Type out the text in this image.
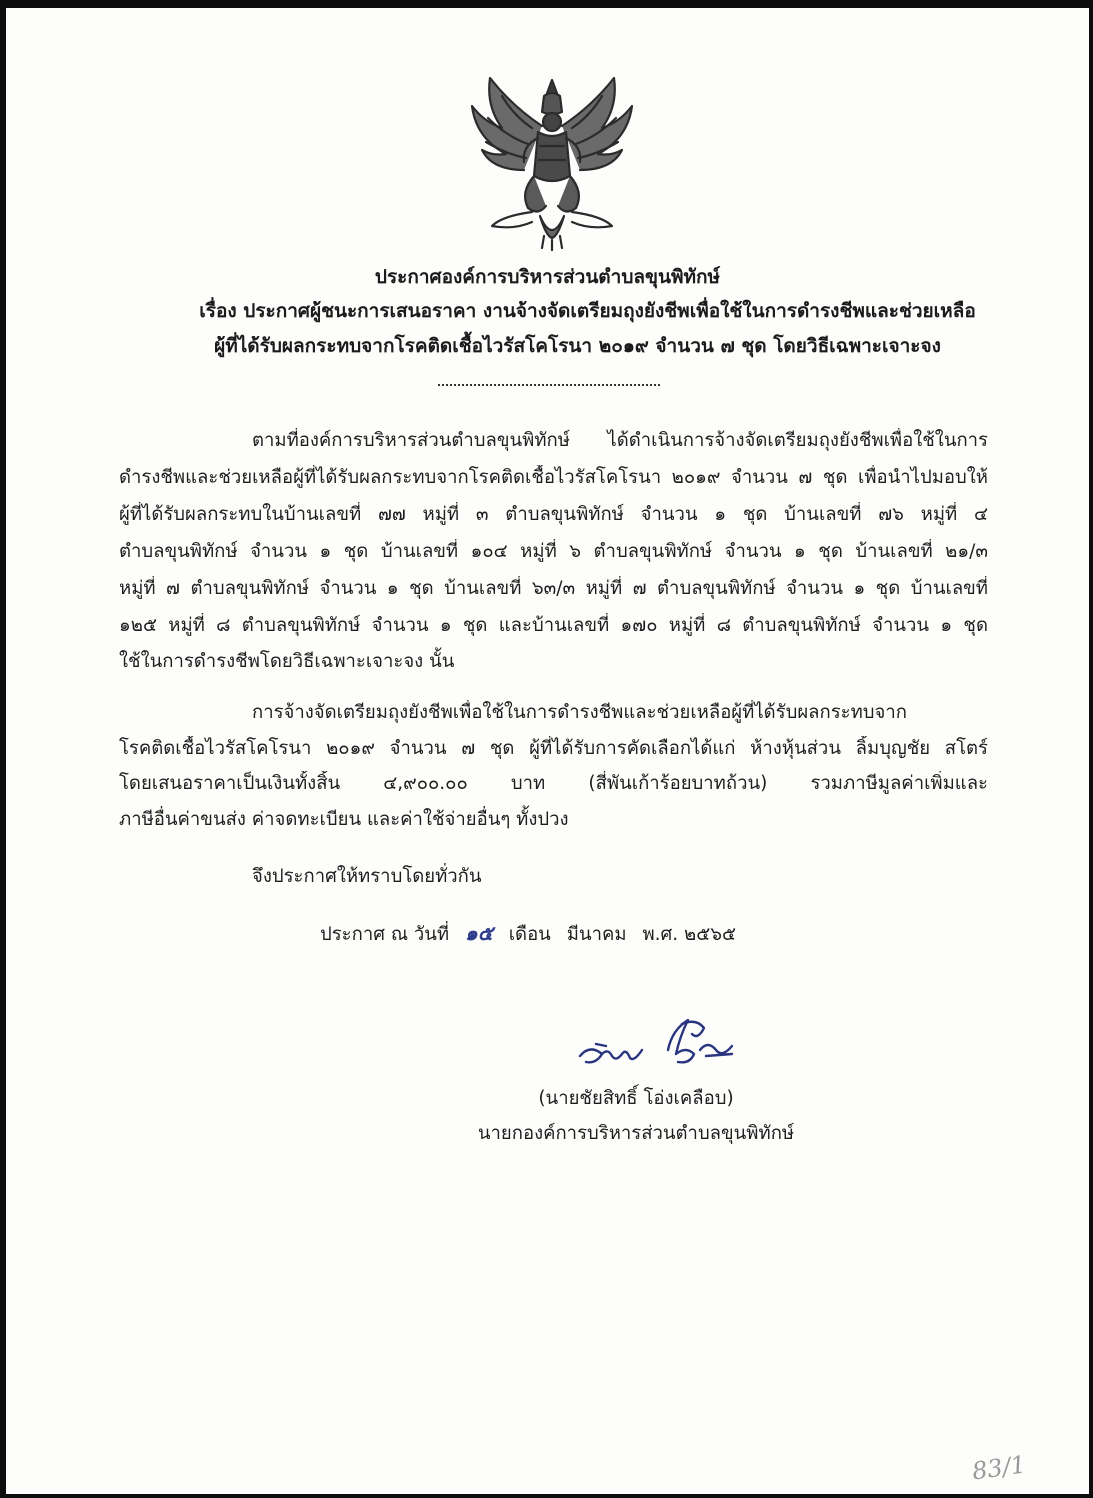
ประกาศองค์การบริหารส่วนตำบลขุนพิทักษ์
เรื่อง ประกาศผู้ชนะการเสนอราคา งานจ้างจัดเตรียมถุงยังชีพเพื่อใช้ในการดำรงชีพและช่วยเหลือ
ผู้ที่ได้รับผลกระทบจากโรคติดเชื้อไวรัสโคโรนา ๒๐๑๙ จำนวน ๗ ชุด โดยวิธีเฉพาะเจาะจง
ตามที่องค์การบริหารส่วนตำบลขุนพิทักษ์ ได้ดำเนินการจ้างจัดเตรียมถุงยังชีพเพื่อใช้ในการ
ดำรงชีพและช่วยเหลือผู้ที่ได้รับผลกระทบจากโรคติดเชื้อไวรัสโคโรนา ๒๐๑๙ จำนวน ๗ ชุด เพื่อนำไปมอบให้
ผู้ที่ได้รับผลกระทบในบ้านเลขที่ ๗๗ หมู่ที่ ๓ ตำบลขุนพิทักษ์ จำนวน ๑ ชุด บ้านเลขที่ ๗๖ หมู่ที่ ๔
ตำบลขุนพิทักษ์ จำนวน ๑ ชุด บ้านเลขที่ ๑๐๔ หมู่ที่ ๖ ตำบลขุนพิทักษ์ จำนวน ๑ ชุด บ้านเลขที่ ๒๑/๓
หมู่ที่ ๗ ตำบลขุนพิทักษ์ จำนวน ๑ ชุด บ้านเลขที่ ๖๓/๓ หมู่ที่ ๗ ตำบลขุนพิทักษ์ จำนวน ๑ ชุด บ้านเลขที่
๑๒๕ หมู่ที่ ๘ ตำบลขุนพิทักษ์ จำนวน ๑ ชุด และบ้านเลขที่ ๑๗๐ หมู่ที่ ๘ ตำบลขุนพิทักษ์ จำนวน ๑ ชุด
ใช้ในการดำรงชีพโดยวิธีเฉพาะเจาะจง นั้น
การจ้างจัดเตรียมถุงยังชีพเพื่อใช้ในการดำรงชีพและช่วยเหลือผู้ที่ได้รับผลกระทบจาก
โรคติดเชื้อไวรัสโคโรนา ๒๐๑๙ จำนวน ๗ ชุด ผู้ที่ได้รับการคัดเลือกได้แก่ ห้างหุ้นส่วน ลิ้มบุญชัย สโตร์
โดยเสนอราคาเป็นเงินทั้งสิ้น ๔,๙๐๐.๐๐ บาท (สี่พันเก้าร้อยบาทถ้วน) รวมภาษีมูลค่าเพิ่มและ
ภาษีอื่นค่าขนส่ง ค่าจดทะเบียน และค่าใช้จ่ายอื่นๆ ทั้งปวง
จึงประกาศให้ทราบโดยทั่วกัน
ประกาศ ณ วันที่ ๑๕ เดือน มีนาคม พ.ศ. ๒๕๖๕
(นายชัยสิทธิ์ โอ่งเคลือบ)
นายกองค์การบริหารส่วนตำบลขุนพิทักษ์
83/1
